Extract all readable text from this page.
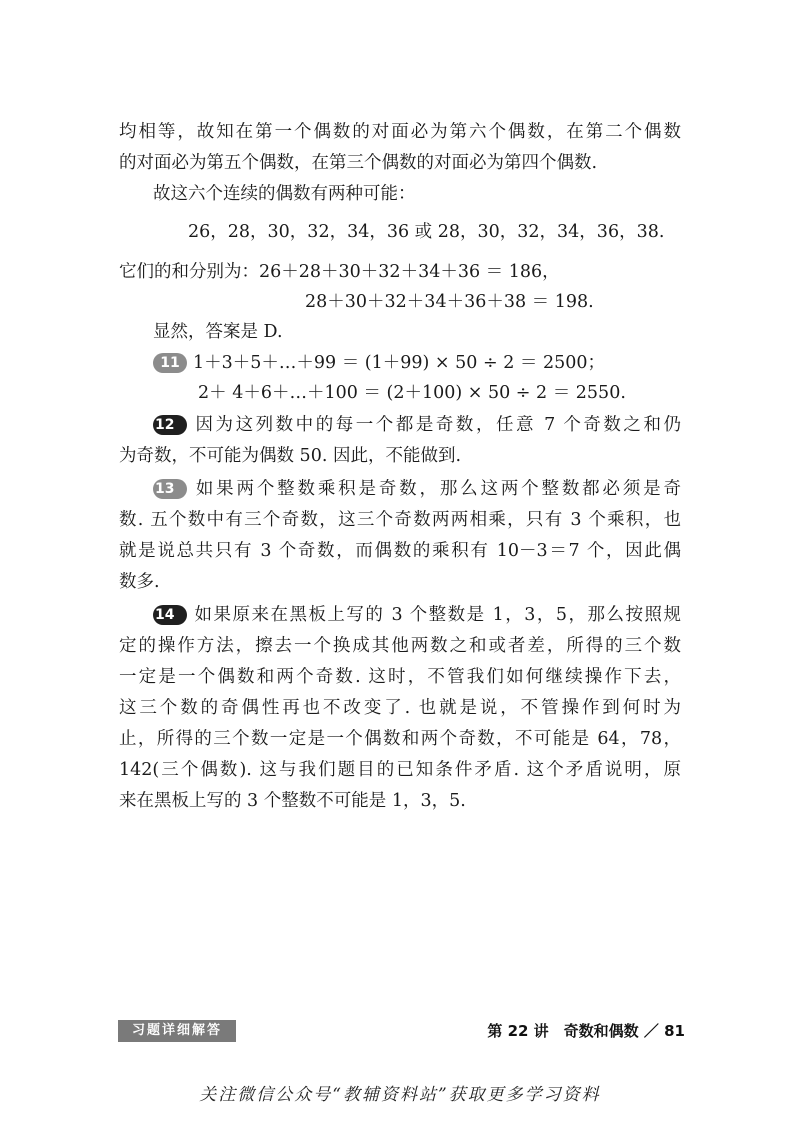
均相等，故知在第一个偶数的对面必为第六个偶数，在第二个偶数
的对面必为第五个偶数，在第三个偶数的对面必为第四个偶数.
故这六个连续的偶数有两种可能：
26，28，30，32，34，36 或 28，30，32，34，36，38.
它们的和分别为：26＋28＋30＋32＋34＋36 ＝ 186，
28＋30＋32＋34＋36＋38 ＝ 198.
显然，答案是 D.
11 1＋3＋5＋…＋99 ＝ (1＋99) × 50 ÷ 2 ＝ 2500；
2＋ 4＋6＋…＋100 ＝ (2＋100) × 50 ÷ 2 ＝ 2550.
12 因为这列数中的每一个都是奇数，任意 7 个奇数之和仍
为奇数，不可能为偶数 50. 因此，不能做到.
13 如果两个整数乘积是奇数，那么这两个整数都必须是奇
数. 五个数中有三个奇数，这三个奇数两两相乘，只有 3 个乘积，也
就是说总共只有 3 个奇数，而偶数的乘积有 10－3＝7 个，因此偶
数多.
14 如果原来在黑板上写的 3 个整数是 1，3，5，那么按照规
定的操作方法，擦去一个换成其他两数之和或者差，所得的三个数
一定是一个偶数和两个奇数. 这时，不管我们如何继续操作下去，
这三个数的奇偶性再也不改变了. 也就是说，不管操作到何时为
止，所得的三个数一定是一个偶数和两个奇数，不可能是 64，78，
142(三个偶数). 这与我们题目的已知条件矛盾. 这个矛盾说明，原
来在黑板上写的 3 个整数不可能是 1，3，5.
习题详细解答	第 22 讲　奇数和偶数 ／ 81
关注微信公众号“教辅资料站”获取更多学习资料
